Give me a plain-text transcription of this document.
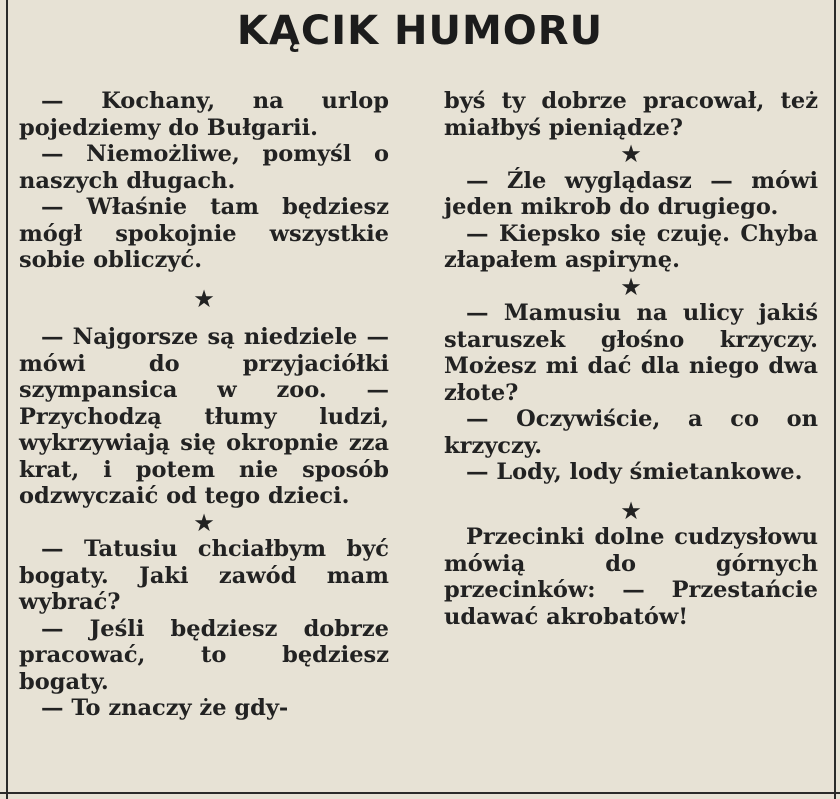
KĄCIK HUMORU

— Kochany, na urlop pojedziemy do Bułgarii.

— Niemożliwe, pomyśl o naszych długach.

— Właśnie tam będziesz mógł spokojnie wszystkie sobie obliczyć.

★

— Najgorsze są niedziele — mówi do przyjaciółki szympansica w zoo. — Przychodzą tłumy ludzi, wykrzywiają się okropnie zza krat, i potem nie sposób odzwyczaić od tego dzieci.

★

— Tatusiu chciałbym być bogaty. Jaki zawód mam wybrać?

— Jeśli będziesz dobrze pracować, to będziesz bogaty.

— To znaczy że gdy-

byś ty dobrze pracował, też miałbyś pieniądze?

★

— Źle wyglądasz — mówi jeden mikrob do drugiego.

— Kiepsko się czuję. Chyba złapałem aspirynę.

★

— Mamusiu na ulicy jakiś staruszek głośno krzyczy. Możesz mi dać dla niego dwa złote?

— Oczywiście, a co on krzyczy.

— Lody, lody śmietankowe.

★

Przecinki dolne cudzysłowu mówią do górnych przecinków: — Przestańcie udawać akrobatów!
